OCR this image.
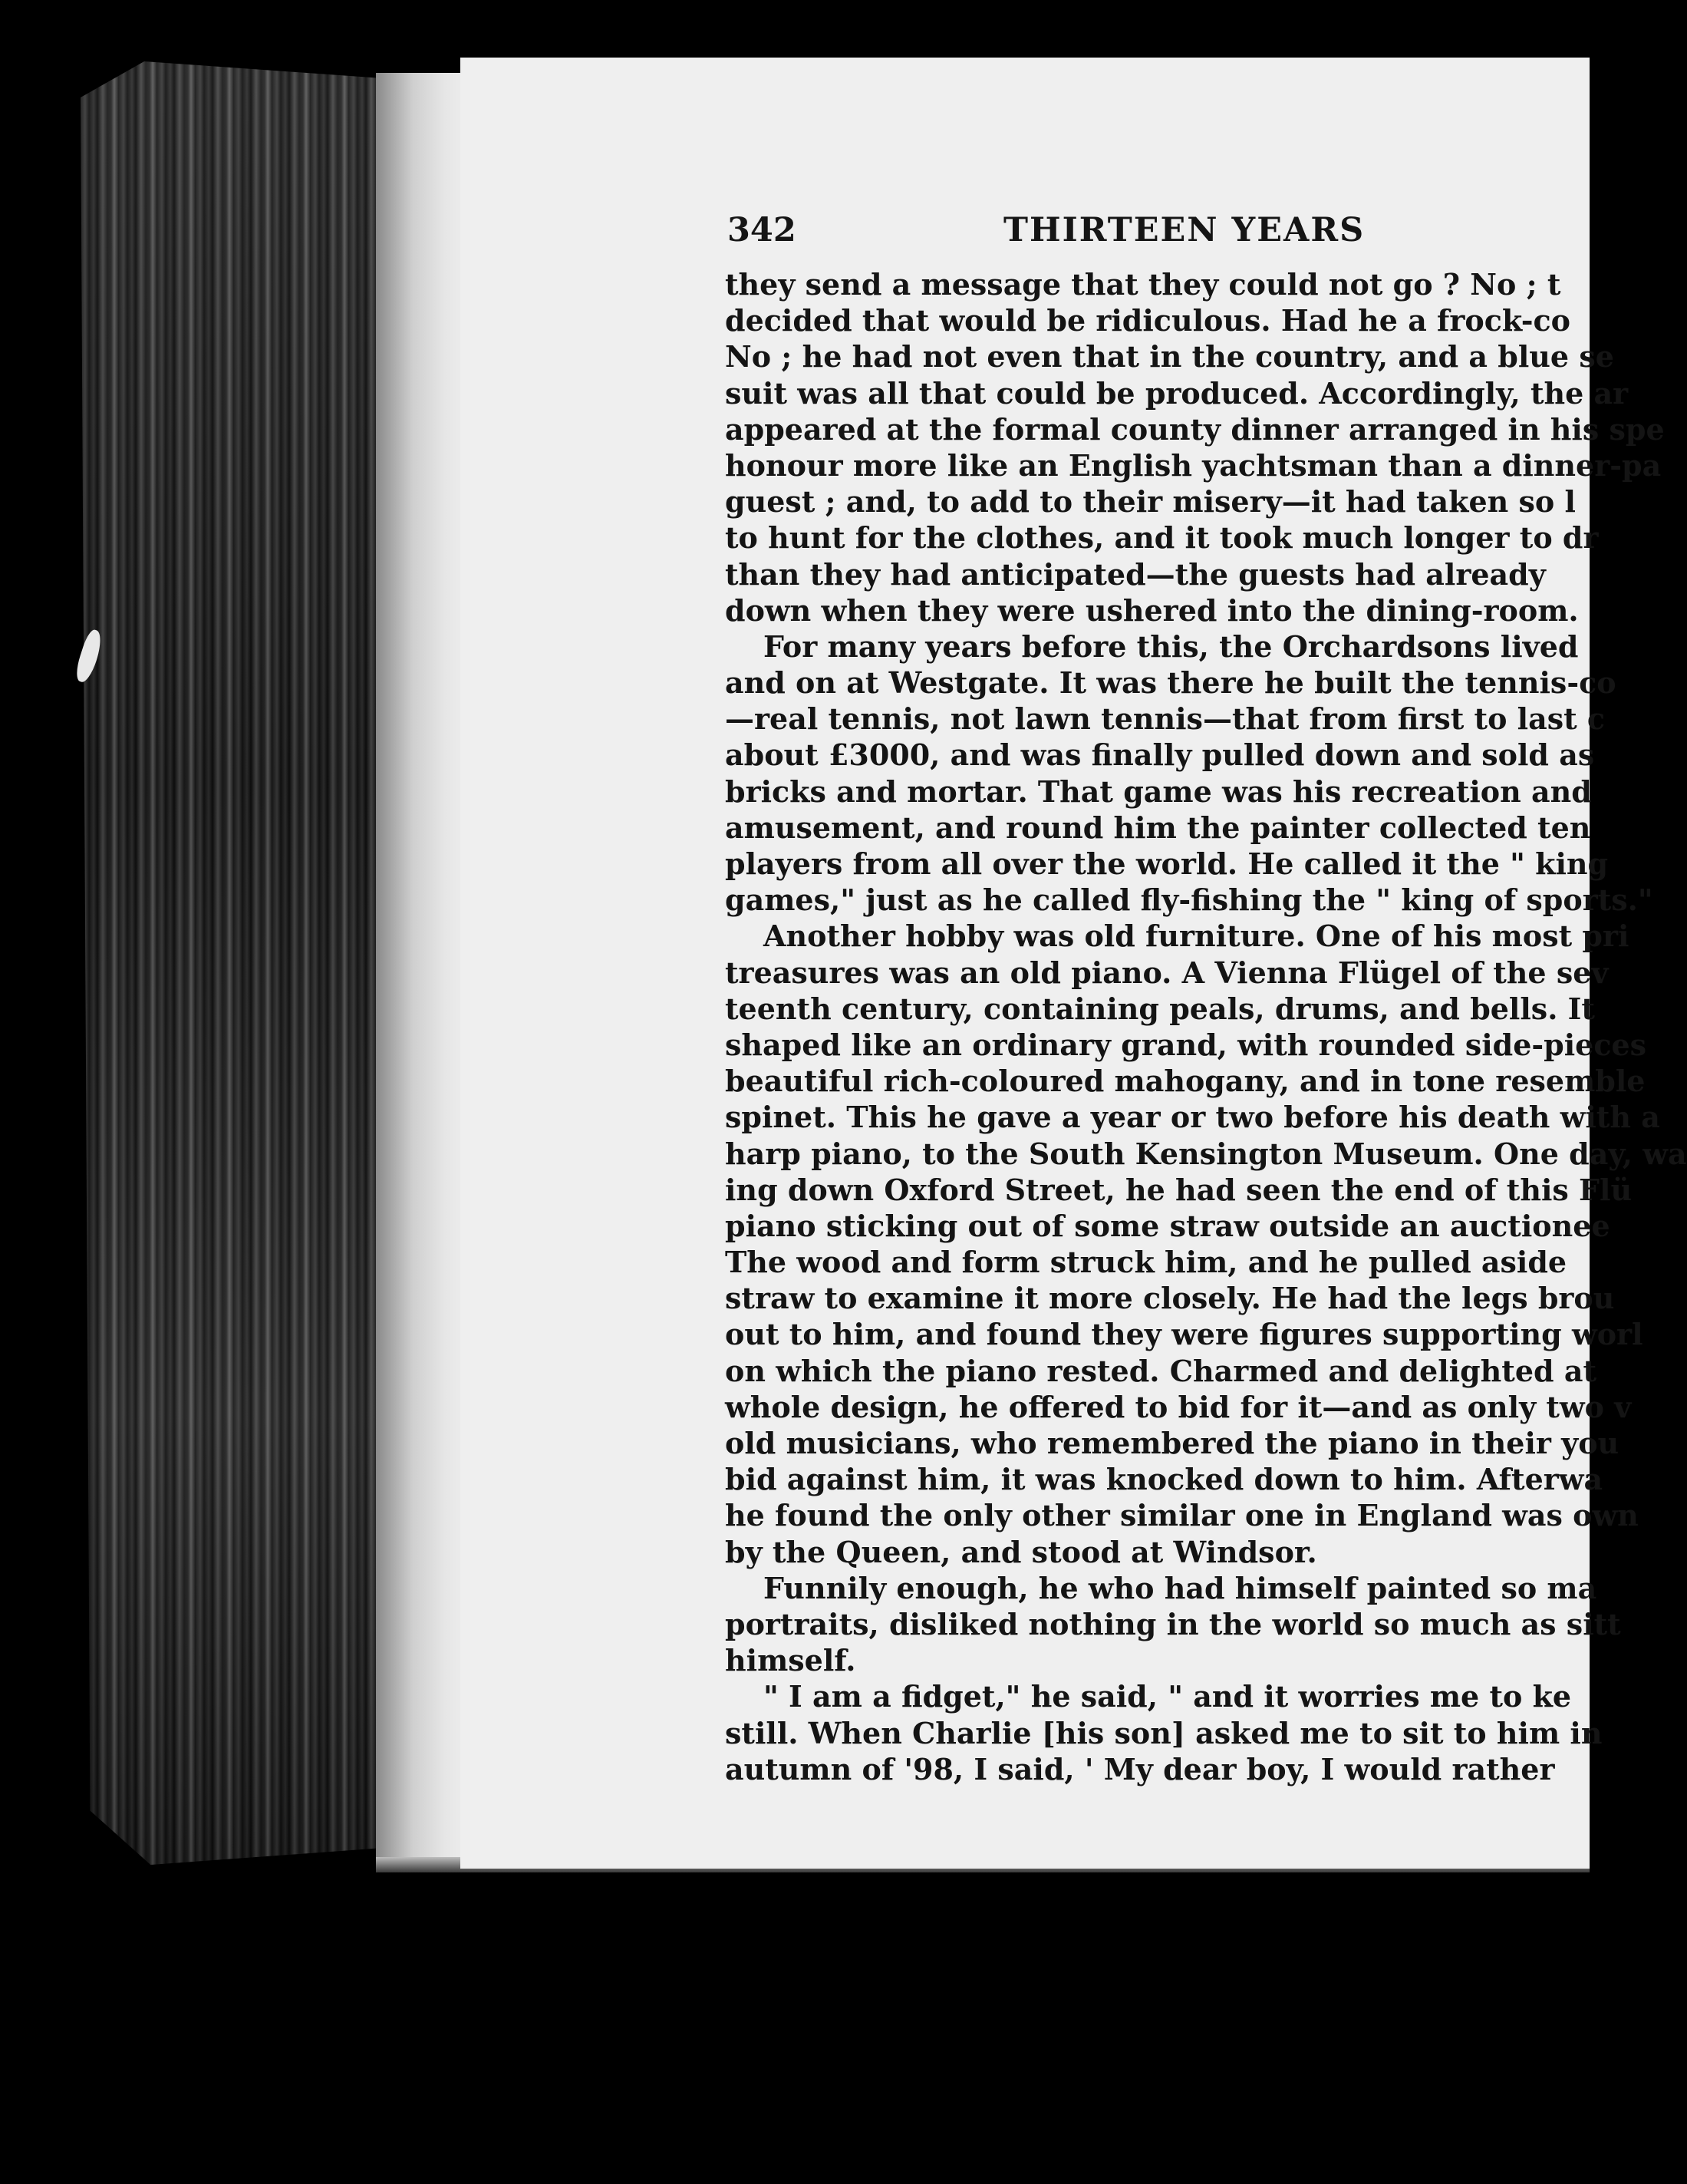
342	THIRTEEN YEARS
they send a message that they could not go ? No ; t
decided that would be ridiculous. Had he a frock-co
No ; he had not even that in the country, and a blue se
suit was all that could be produced. Accordingly, the ar
appeared at the formal county dinner arranged in his spe
honour more like an English yachtsman than a dinner-pa
guest ; and, to add to their misery—it had taken so l
to hunt for the clothes, and it took much longer to dr
than they had anticipated—the guests had already
down when they were ushered into the dining-room.
For many years before this, the Orchardsons lived
and on at Westgate. It was there he built the tennis-co
—real tennis, not lawn tennis—that from first to last c
about £3000, and was finally pulled down and sold as
bricks and mortar. That game was his recreation and
amusement, and round him the painter collected ten
players from all over the world. He called it the " king
games," just as he called fly-fishing the " king of sports."
Another hobby was old furniture. One of his most pri
treasures was an old piano. A Vienna Flügel of the sev
teenth century, containing peals, drums, and bells. It
shaped like an ordinary grand, with rounded side-pieces
beautiful rich-coloured mahogany, and in tone resemble
spinet. This he gave a year or two before his death with a
harp piano, to the South Kensington Museum. One day, wa
ing down Oxford Street, he had seen the end of this Flü
piano sticking out of some straw outside an auctionee
The wood and form struck him, and he pulled aside
straw to examine it more closely. He had the legs brou
out to him, and found they were figures supporting worl
on which the piano rested. Charmed and delighted at
whole design, he offered to bid for it—and as only two v
old musicians, who remembered the piano in their you
bid against him, it was knocked down to him. Afterwa
he found the only other similar one in England was own
by the Queen, and stood at Windsor.
Funnily enough, he who had himself painted so ma
portraits, disliked nothing in the world so much as sitt
himself.
" I am a fidget," he said, " and it worries me to ke
still. When Charlie [his son] asked me to sit to him in
autumn of '98, I said, ' My dear boy, I would rather
